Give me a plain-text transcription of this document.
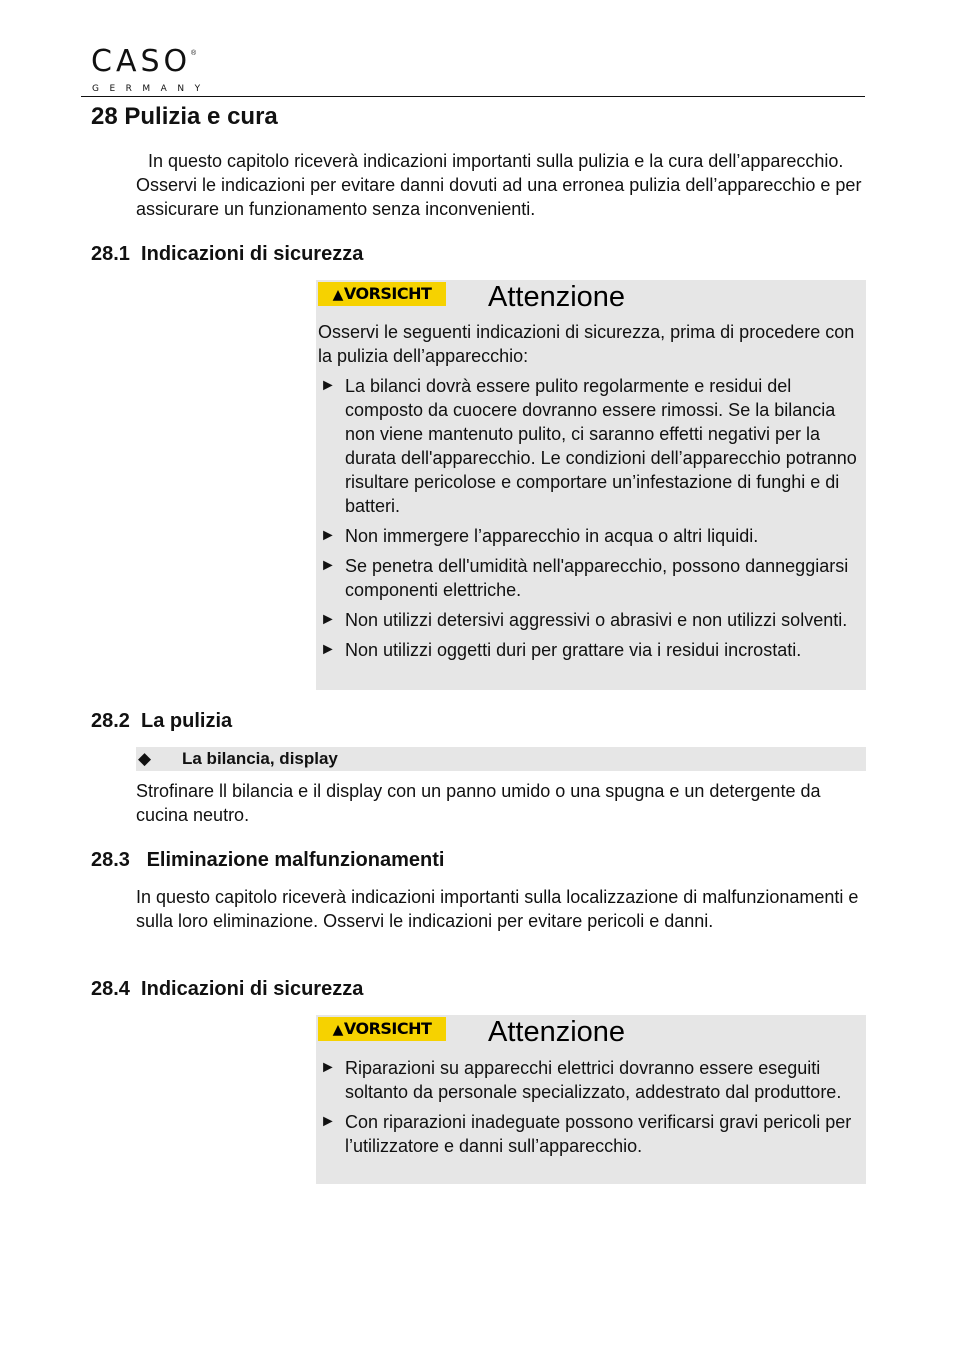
CASO ®
GERMANY
28 Pulizia e cura

In questo capitolo riceverà indicazioni importanti sulla pulizia e la cura dell’apparecchio. Osservi le indicazioni per evitare danni dovuti ad una erronea pulizia dell’apparecchio e per assicurare un funzionamento senza inconvenienti.

28.1  Indicazioni di sicurezza
▲VORSICHT	Attenzione

Osservi le seguenti indicazioni di sicurezza, prima di procedere con la pulizia dell’apparecchio:

► La bilanci dovrà essere pulito regolarmente e residui del composto da cuocere dovranno essere rimossi. Se la bilancia non viene mantenuto pulito, ci saranno effetti negativi per la durata dell'apparecchio. Le condizioni dell’apparecchio potranno risultare pericolose e comportare un’infestazione di funghi e di batteri.
► Non immergere l’apparecchio in acqua o altri liquidi.
► Se penetra dell'umidità nell'apparecchio, possono danneggiarsi componenti elettriche.
► Non utilizzi detersivi aggressivi o abrasivi e non utilizzi solventi.
► Non utilizzi oggetti duri per grattare via i residui incrostati.
28.2  La pulizia
◆ La bilancia, display

Strofinare ll bilancia e il display con un panno umido o una spugna e un detergente da cucina neutro.

28.3   Eliminazione malfunzionamenti

In questo capitolo riceverà indicazioni importanti sulla localizzazione di malfunzionamenti e sulla loro eliminazione. Osservi le indicazioni per evitare pericoli e danni.

28.4  Indicazioni di sicurezza
▲VORSICHT	Attenzione
► Riparazioni su apparecchi elettrici dovranno essere eseguiti soltanto da personale specializzato, addestrato dal produttore.
► Con riparazioni inadeguate possono verificarsi gravi pericoli per l’utilizzatore e danni sull’apparecchio.
